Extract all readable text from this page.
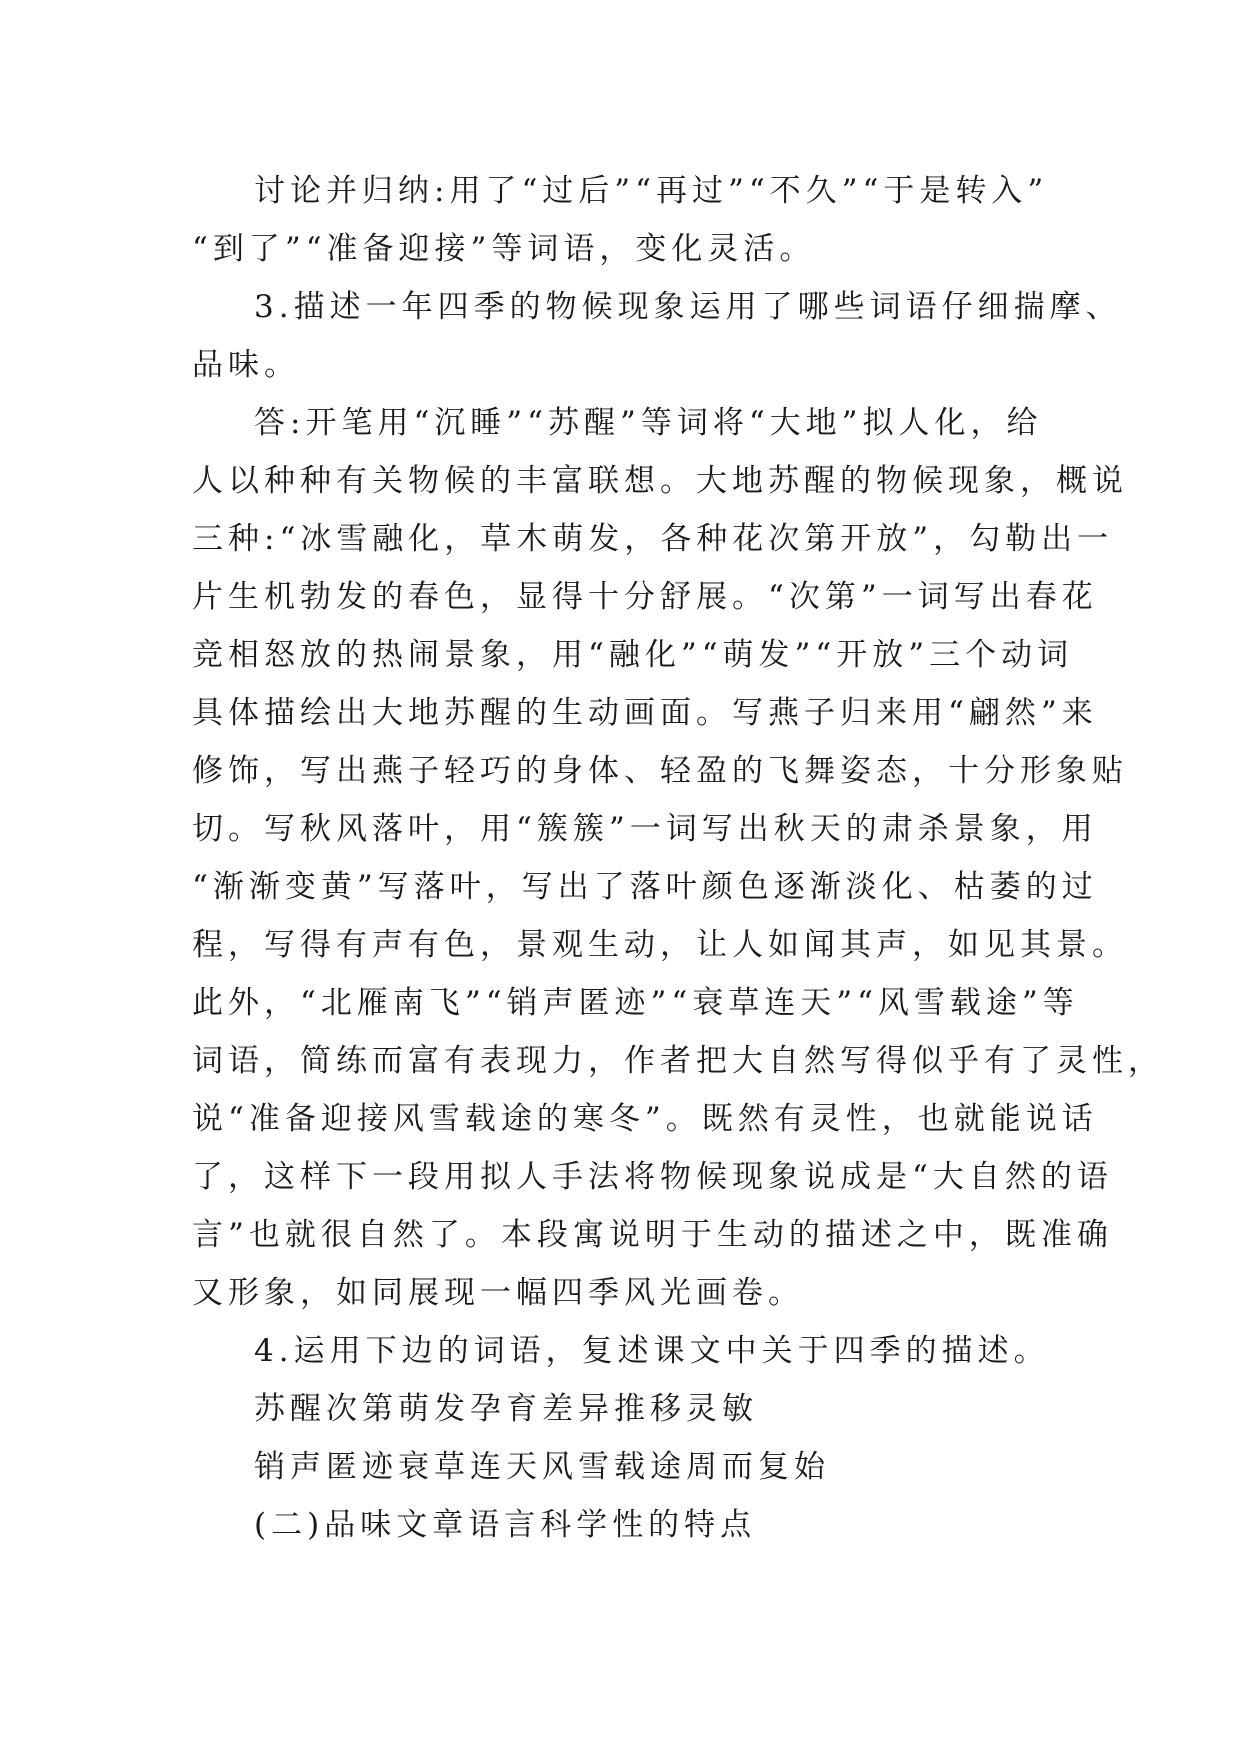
讨论并归纳:用了“过后”“再过”“不久”“于是转入”
“到了”“准备迎接”等词语，变化灵活。

3.描述一年四季的物候现象运用了哪些词语仔细揣摩、
品味。

答:开笔用“沉睡”“苏醒”等词将“大地”拟人化，给
人以种种有关物候的丰富联想。大地苏醒的物候现象，概说
三种:“冰雪融化，草木萌发，各种花次第开放”，勾勒出一
片生机勃发的春色，显得十分舒展。“次第”一词写出春花
竞相怒放的热闹景象，用“融化”“萌发”“开放”三个动词
具体描绘出大地苏醒的生动画面。写燕子归来用“翩然”来
修饰，写出燕子轻巧的身体、轻盈的飞舞姿态，十分形象贴
切。写秋风落叶，用“簇簇”一词写出秋天的肃杀景象，用
“渐渐变黄”写落叶，写出了落叶颜色逐渐淡化、枯萎的过
程，写得有声有色，景观生动，让人如闻其声，如见其景。
此外，“北雁南飞”“销声匿迹”“衰草连天”“风雪载途”等
词语，简练而富有表现力，作者把大自然写得似乎有了灵性，
说“准备迎接风雪载途的寒冬”。既然有灵性，也就能说话
了，这样下一段用拟人手法将物候现象说成是“大自然的语
言”也就很自然了。本段寓说明于生动的描述之中，既准确
又形象，如同展现一幅四季风光画卷。

4.运用下边的词语，复述课文中关于四季的描述。

苏醒次第萌发孕育差异推移灵敏

销声匿迹衰草连天风雪载途周而复始

(二)品味文章语言科学性的特点
